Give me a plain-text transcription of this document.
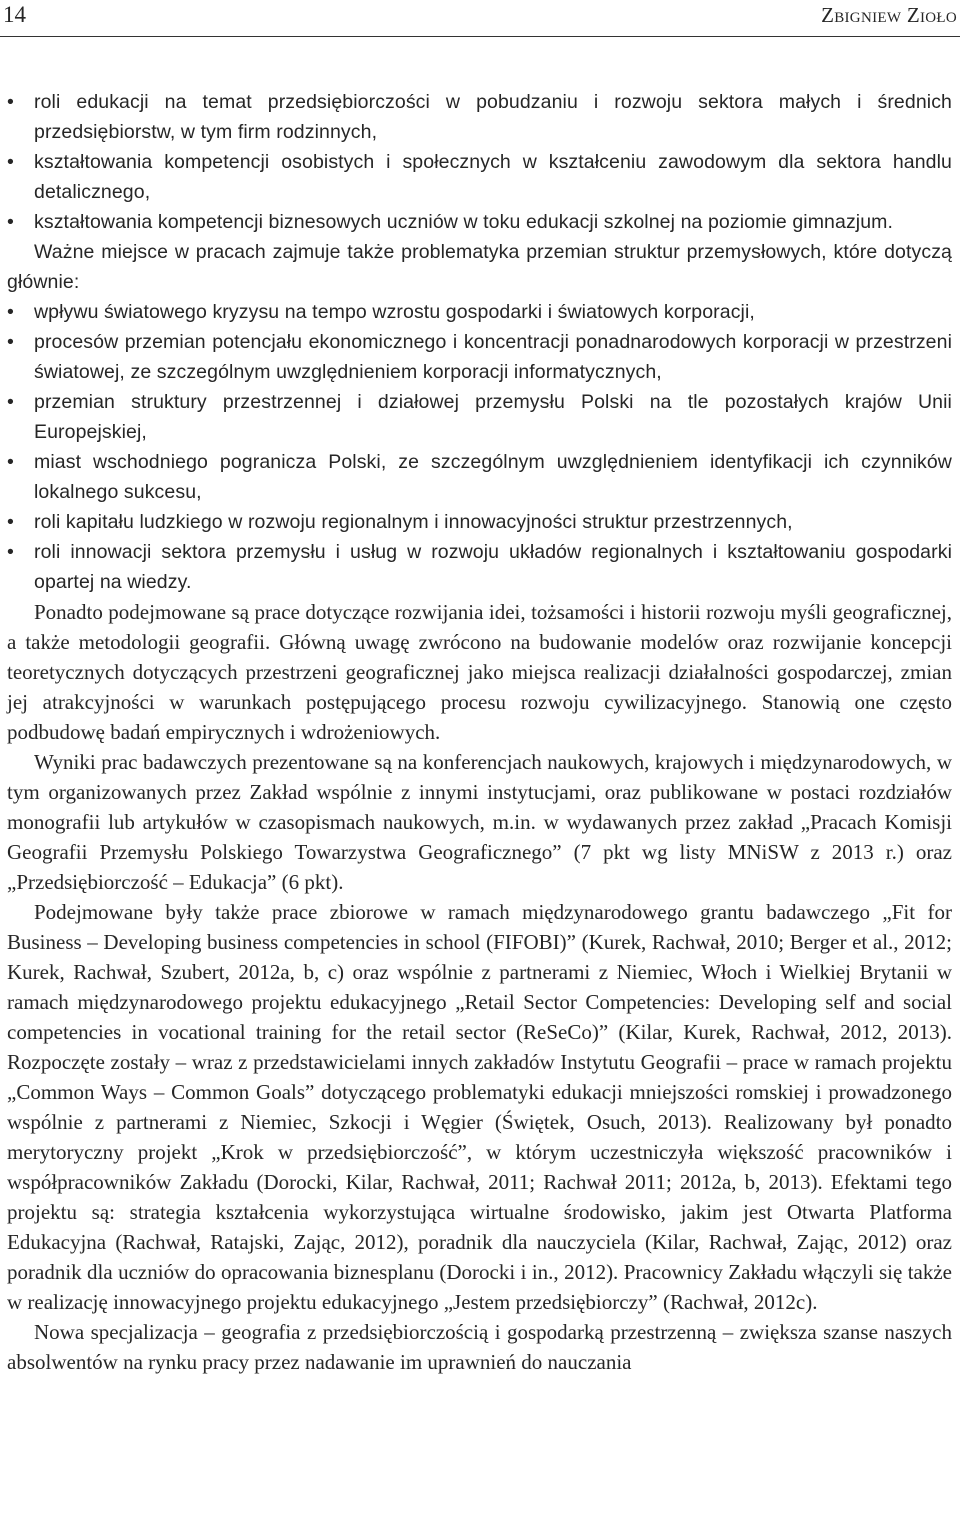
14	Zbigniew Zioło
• roli edukacji na temat przedsiębiorczości w pobudzaniu i rozwoju sektora małych i średnich przedsiębiorstw, w tym firm rodzinnych,
• kształtowania kompetencji osobistych i społecznych w kształceniu zawodowym dla sektora handlu detalicznego,
• kształtowania kompetencji biznesowych uczniów w toku edukacji szkolnej na poziomie gimnazjum.

Ważne miejsce w pracach zajmuje także problematyka przemian struktur przemysłowych, które dotyczą głównie:

• wpływu światowego kryzysu na tempo wzrostu gospodarki i światowych korporacji,
• procesów przemian potencjału ekonomicznego i koncentracji ponadnarodowych korporacji w przestrzeni światowej, ze szczególnym uwzględnieniem korporacji informatycznych,
• przemian struktury przestrzennej i działowej przemysłu Polski na tle pozostałych krajów Unii Europejskiej,
• miast wschodniego pogranicza Polski, ze szczególnym uwzględnieniem identyfikacji ich czynników lokalnego sukcesu,
• roli kapitału ludzkiego w rozwoju regionalnym i innowacyjności struktur przestrzennych,
• roli innowacji sektora przemysłu i usług w rozwoju układów regionalnych i kształtowaniu gospodarki opartej na wiedzy.

Ponadto podejmowane są prace dotyczące rozwijania idei, tożsamości i historii rozwoju myśli geograficznej, a także metodologii geografii. Główną uwagę zwrócono na budowanie modelów oraz rozwijanie koncepcji teoretycznych dotyczących przestrzeni geograficznej jako miejsca realizacji działalności gospodarczej, zmian jej atrakcyjności w warunkach postępującego procesu rozwoju cywilizacyjnego. Stanowią one często podbudowę badań empirycznych i wdrożeniowych.

Wyniki prac badawczych prezentowane są na konferencjach naukowych, krajowych i międzynarodowych, w tym organizowanych przez Zakład wspólnie z innymi instytucjami, oraz publikowane w postaci rozdziałów monografii lub artykułów w czasopismach naukowych, m.in. w wydawanych przez zakład „Pracach Komisji Geografii Przemysłu Polskiego Towarzystwa Geograficznego” (7 pkt wg listy MNiSW z 2013 r.) oraz „Przedsiębiorczość – Edukacja” (6 pkt).

Podejmowane były także prace zbiorowe w ramach międzynarodowego grantu badawczego „Fit for Business – Developing business competencies in school (FIFOBI)” (Kurek, Rachwał, 2010; Berger et al., 2012; Kurek, Rachwał, Szubert, 2012a, b, c) oraz wspólnie z partnerami z Niemiec, Włoch i Wielkiej Brytanii w ramach międzynarodowego projektu edukacyjnego „Retail Sector Competencies: Developing self and social competencies in vocational training for the retail sector (ReSeCo)” (Kilar, Kurek, Rachwał, 2012, 2013). Rozpoczęte zostały – wraz z przedstawicielami innych zakładów Instytutu Geografii – prace w ramach projektu „Common Ways – Common Goals” dotyczącego problematyki edukacji mniejszości romskiej i prowadzonego wspólnie z partnerami z Niemiec, Szkocji i Węgier (Świętek, Osuch, 2013). Realizowany był ponadto merytoryczny projekt „Krok w przedsiębiorczość”, w którym uczestniczyła większość pracowników i współpracowników Zakładu (Dorocki, Kilar, Rachwał, 2011; Rachwał 2011; 2012a, b, 2013). Efektami tego projektu są: strategia kształcenia wykorzystująca wirtualne środowisko, jakim jest Otwarta Platforma Edukacyjna (Rachwał, Ratajski, Zając, 2012), poradnik dla nauczyciela (Kilar, Rachwał, Zając, 2012) oraz poradnik dla uczniów do opracowania biznesplanu (Dorocki i in., 2012). Pracownicy Zakładu włączyli się także w realizację innowacyjnego projektu edukacyjnego „Jestem przedsiębiorczy” (Rachwał, 2012c).

Nowa specjalizacja – geografia z przedsiębiorczością i gospodarką przestrzenną – zwiększa szanse naszych absolwentów na rynku pracy przez nadawanie im uprawnień do nauczania
